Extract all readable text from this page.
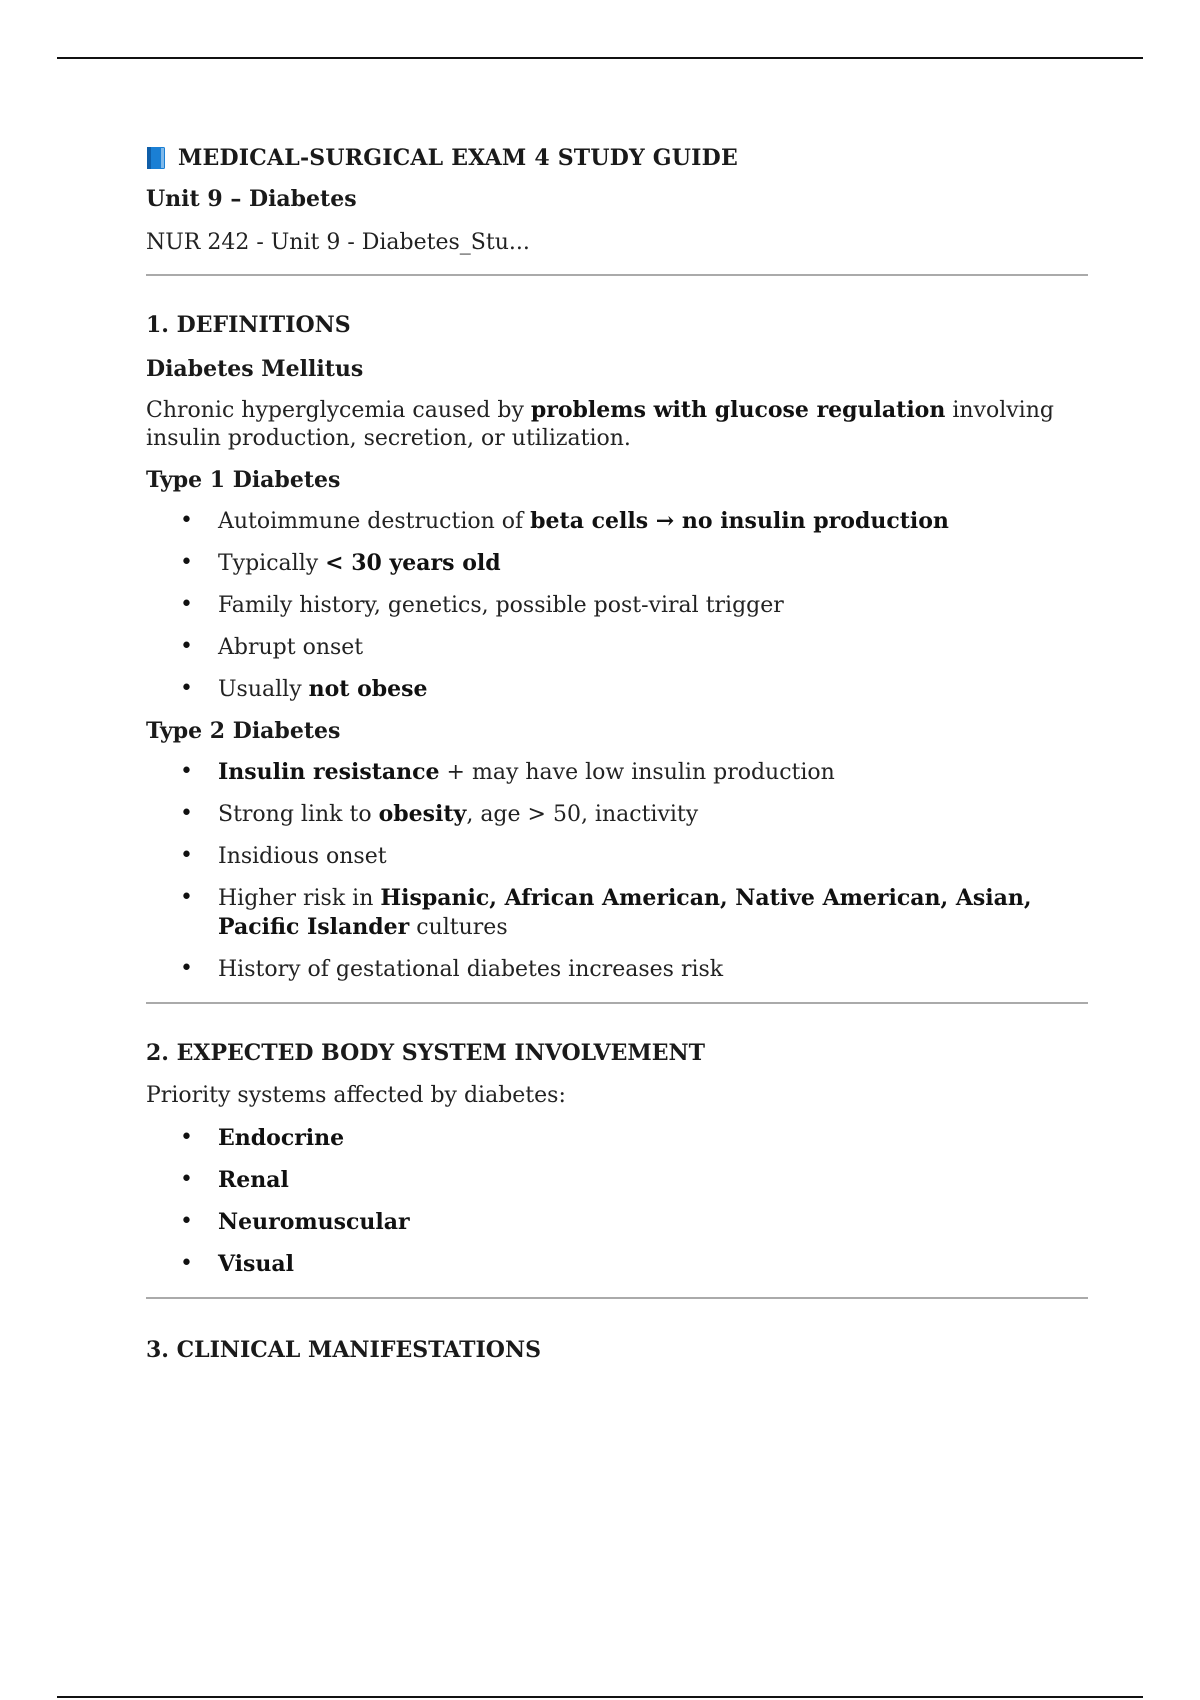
MEDICAL-SURGICAL EXAM 4 STUDY GUIDE
Unit 9 – Diabetes
NUR 242 - Unit 9 - Diabetes_Stu...
1. DEFINITIONS
Diabetes Mellitus
Chronic hyperglycemia caused by problems with glucose regulation involving insulin production, secretion, or utilization.
Type 1 Diabetes
• Autoimmune destruction of beta cells → no insulin production
• Typically < 30 years old
• Family history, genetics, possible post-viral trigger
• Abrupt onset
• Usually not obese
Type 2 Diabetes
• Insulin resistance + may have low insulin production
• Strong link to obesity, age > 50, inactivity
• Insidious onset
• Higher risk in Hispanic, African American, Native American, Asian, Pacific Islander cultures
• History of gestational diabetes increases risk
2. EXPECTED BODY SYSTEM INVOLVEMENT
Priority systems affected by diabetes:
• Endocrine
• Renal
• Neuromuscular
• Visual
3. CLINICAL MANIFESTATIONS
